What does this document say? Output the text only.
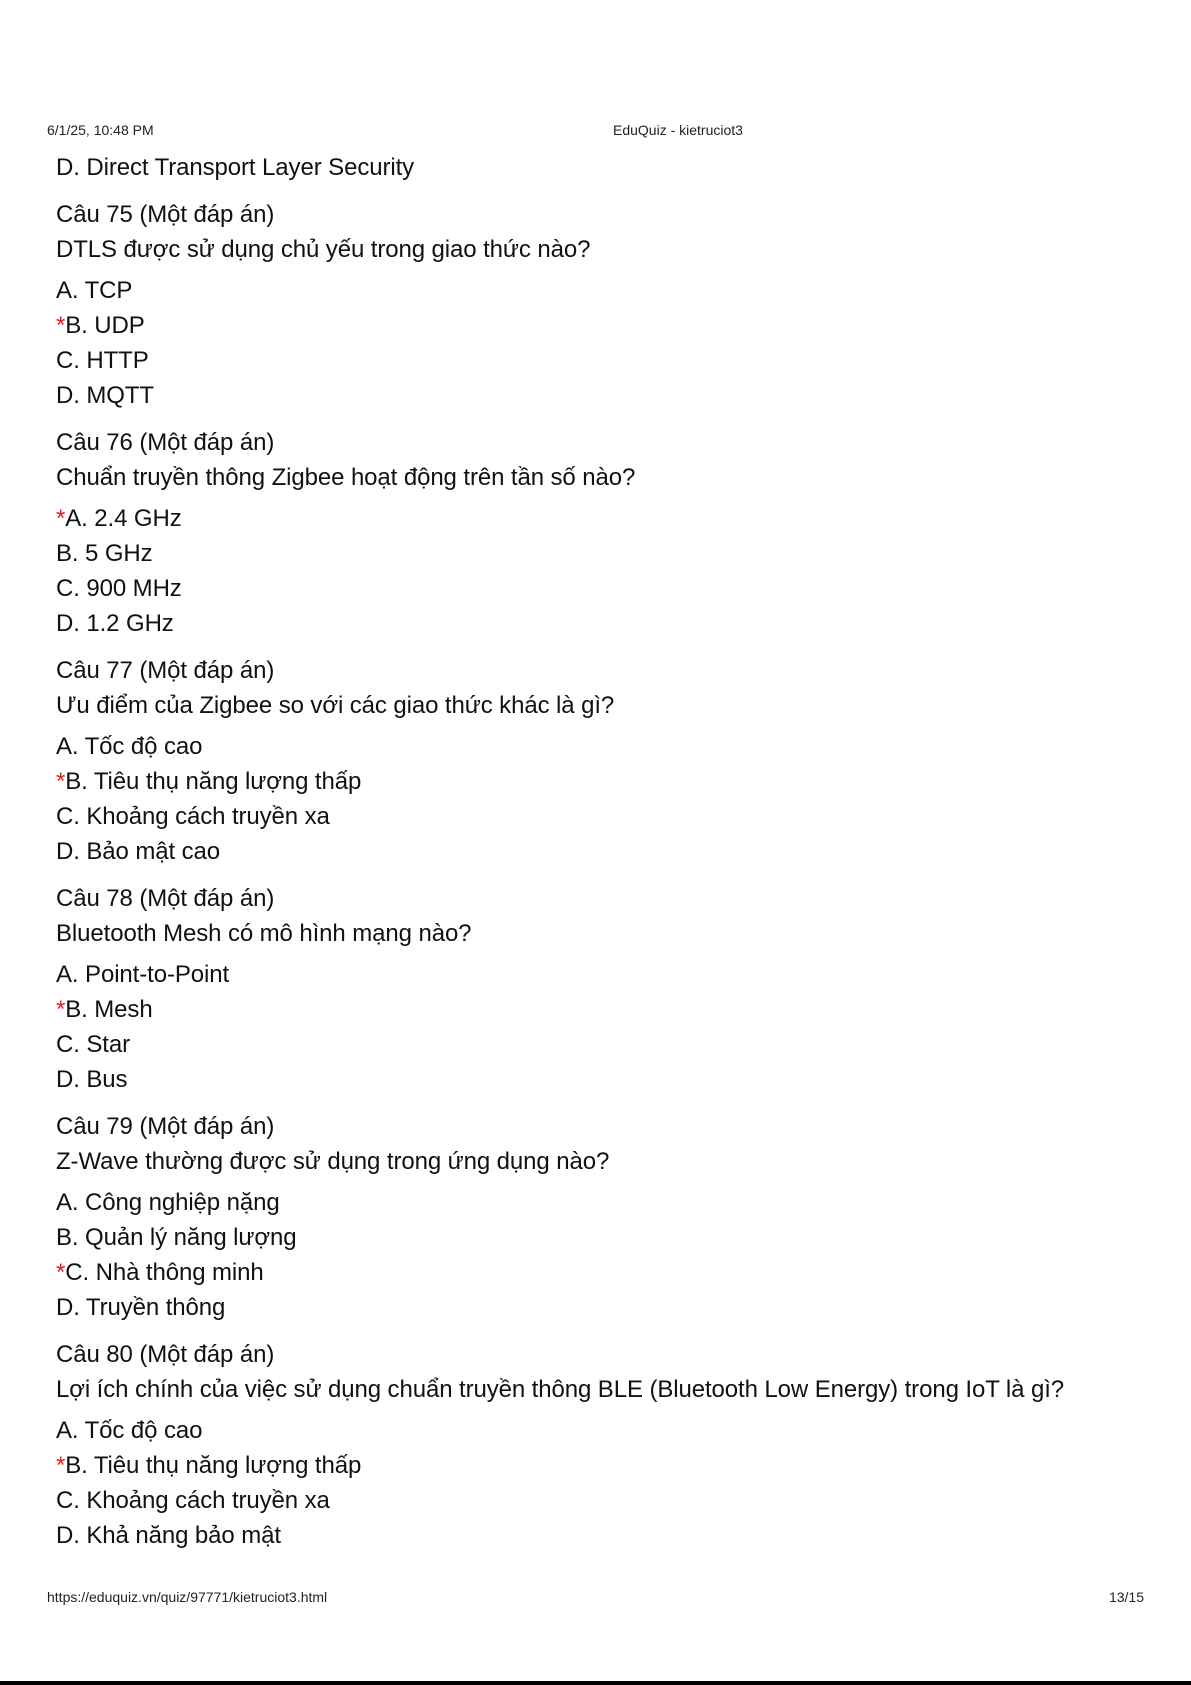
6/1/25, 10:48 PM	EduQuiz - kietruciot3
D. Direct Transport Layer Security
Câu 75 (Một đáp án)
DTLS được sử dụng chủ yếu trong giao thức nào?
A. TCP
*B. UDP
C. HTTP
D. MQTT
Câu 76 (Một đáp án)
Chuẩn truyền thông Zigbee hoạt động trên tần số nào?
*A. 2.4 GHz
B. 5 GHz
C. 900 MHz
D. 1.2 GHz
Câu 77 (Một đáp án)
Ưu điểm của Zigbee so với các giao thức khác là gì?
A. Tốc độ cao
*B. Tiêu thụ năng lượng thấp
C. Khoảng cách truyền xa
D. Bảo mật cao
Câu 78 (Một đáp án)
Bluetooth Mesh có mô hình mạng nào?
A. Point-to-Point
*B. Mesh
C. Star
D. Bus
Câu 79 (Một đáp án)
Z-Wave thường được sử dụng trong ứng dụng nào?
A. Công nghiệp nặng
B. Quản lý năng lượng
*C. Nhà thông minh
D. Truyền thông
Câu 80 (Một đáp án)
Lợi ích chính của việc sử dụng chuẩn truyền thông BLE (Bluetooth Low Energy) trong IoT là gì?
A. Tốc độ cao
*B. Tiêu thụ năng lượng thấp
C. Khoảng cách truyền xa
D. Khả năng bảo mật
https://eduquiz.vn/quiz/97771/kietruciot3.html	13/15
